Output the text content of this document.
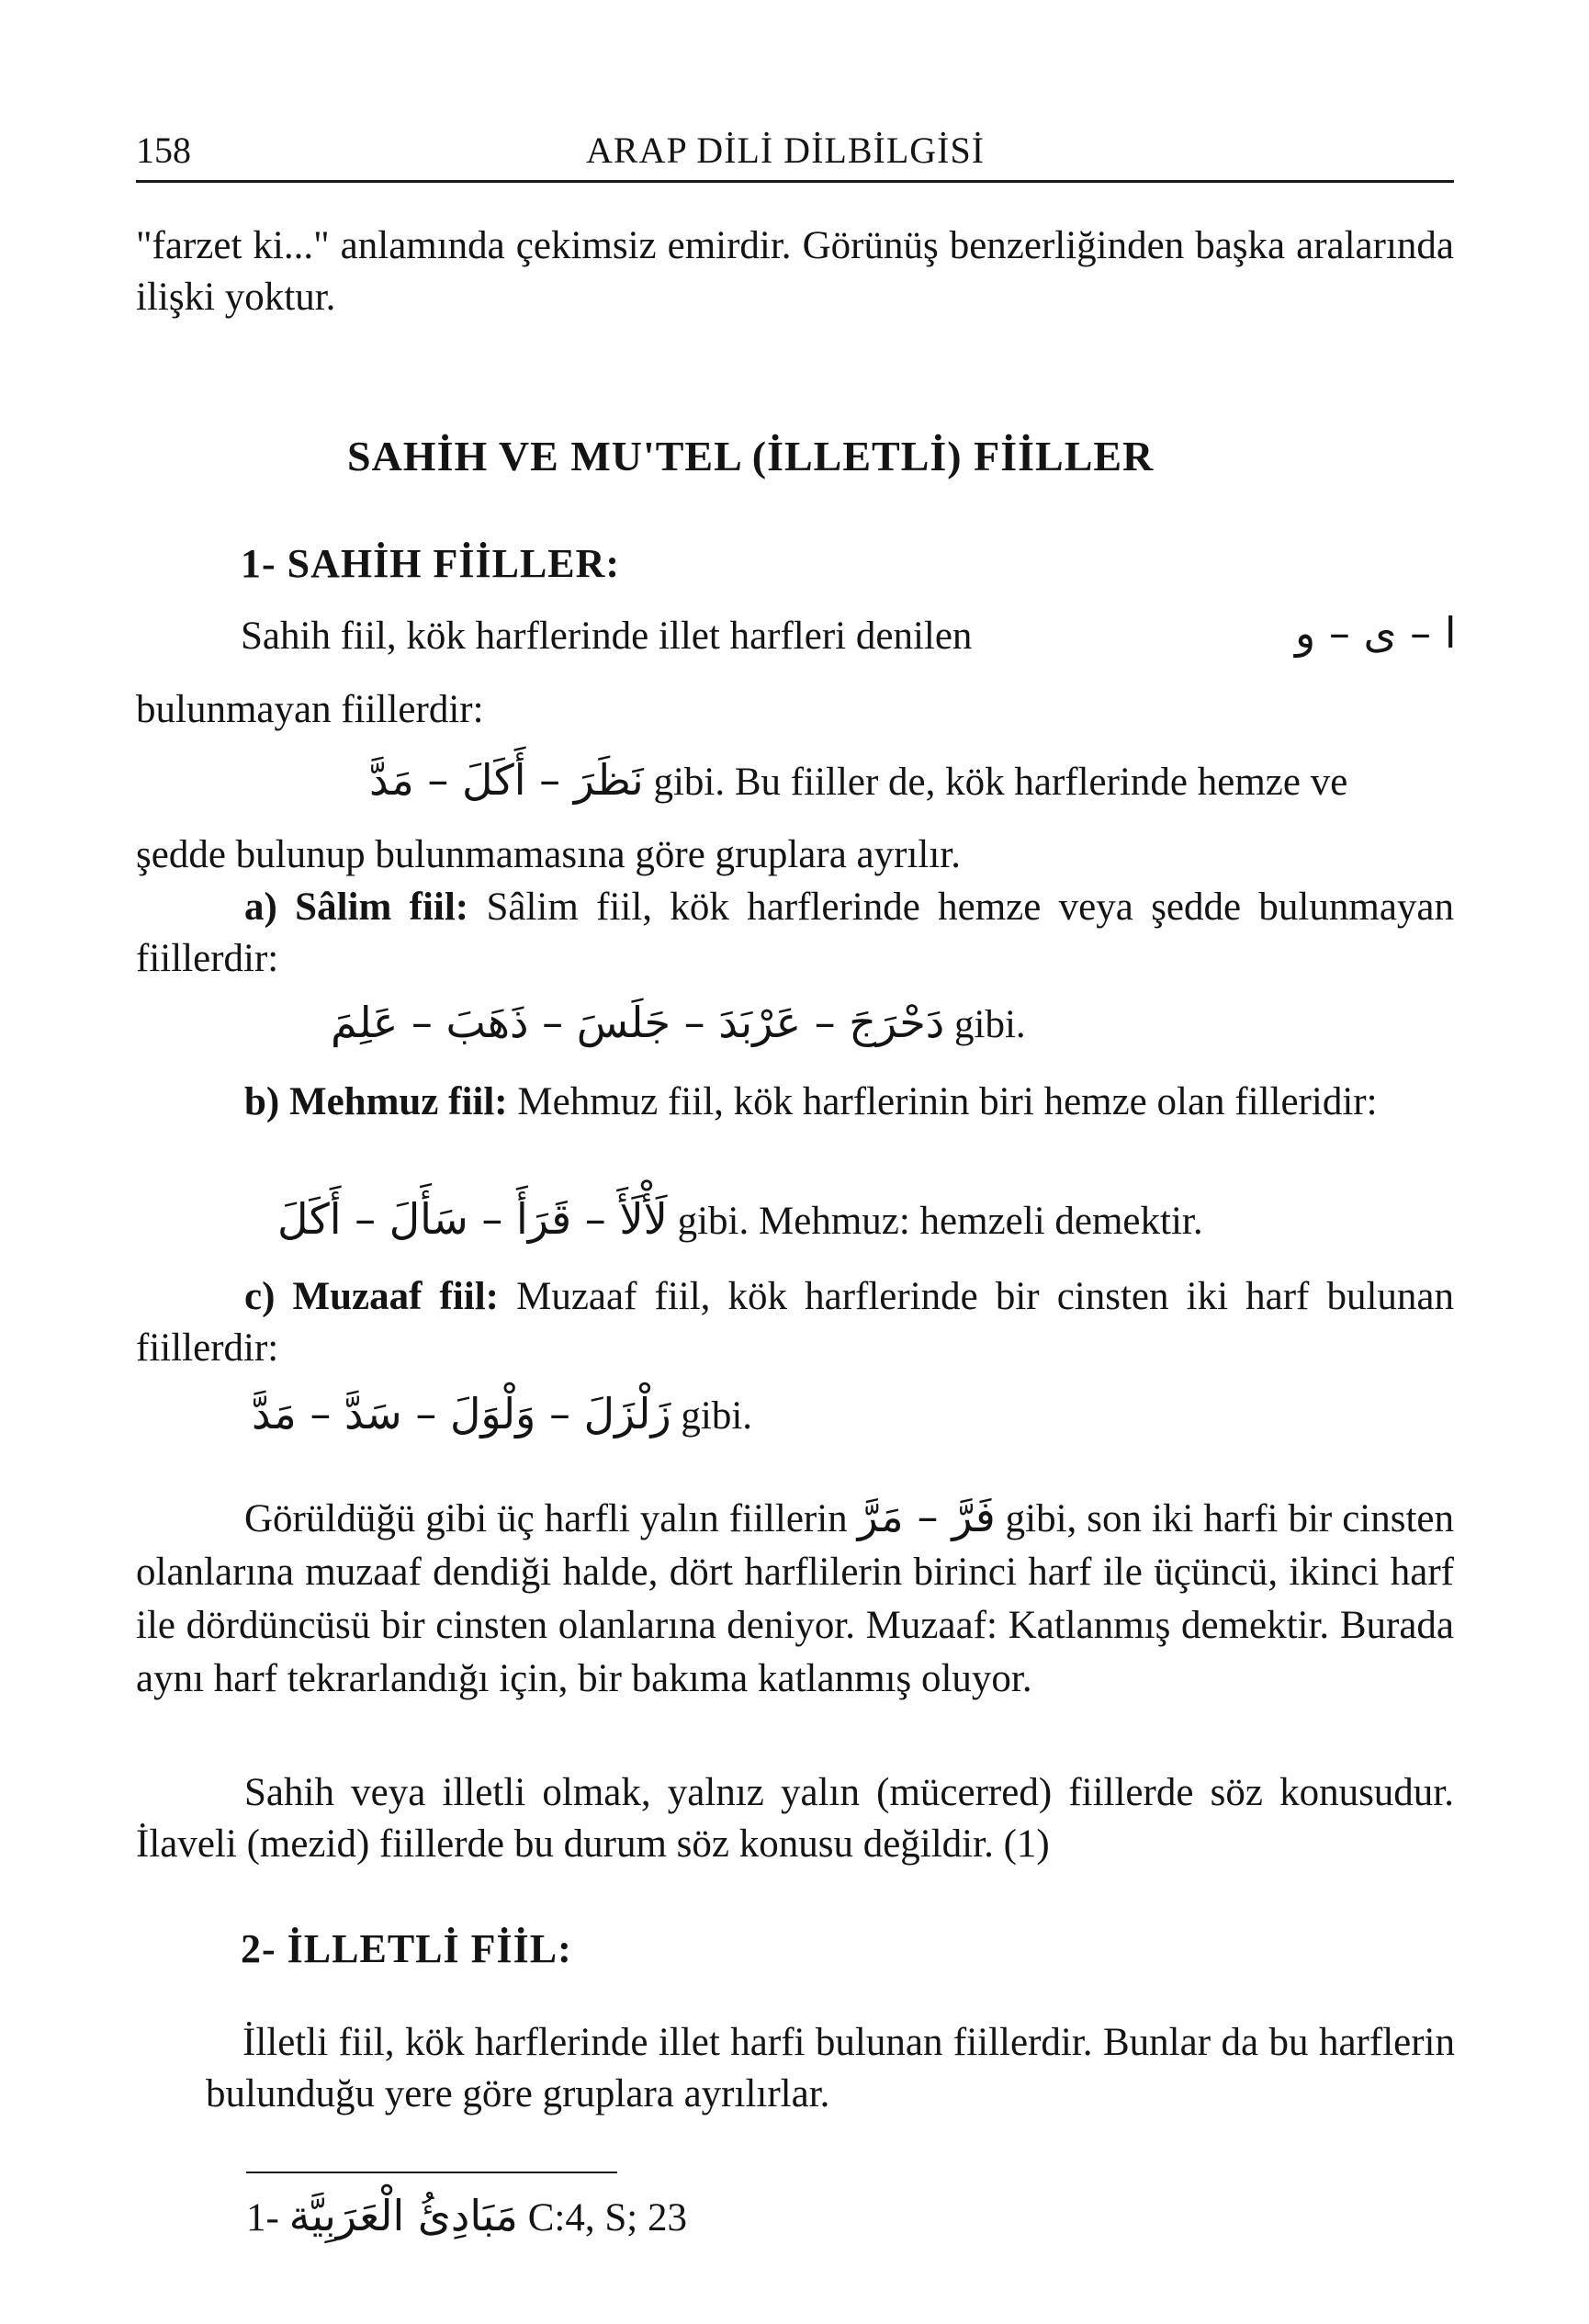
158	ARAP DİLİ DİLBİLGİSİ

"farzet ki..." anlamında çekimsiz emirdir. Görünüş benzerliğinden başka aralarında ilişki yoktur.

SAHİH VE MU'TEL (İLLETLİ) FİİLLER
1- SAHİH FİİLLER:
Sahih fiil, kök harflerinde illet harfleri denilen	ا – ى – و
bulunmayan fiillerdir:
نَظَرَ – أَكَلَ – مَدَّ gibi. Bu fiiller de, kök harflerinde hemze ve
şedde bulunup bulunmamasına göre gruplara ayrılır.

a) Sâlim fiil: Sâlim fiil, kök harflerinde hemze veya şedde bulunmayan fiillerdir:

دَحْرَجَ – عَرْبَدَ – جَلَسَ – ذَهَبَ – عَلِمَ gibi.

b) Mehmuz fiil: Mehmuz fiil, kök harflerinin biri hemze olan filleridir:

لَأْلَأَ – قَرَأَ – سَأَلَ – أَكَلَ gibi. Mehmuz: hemzeli demektir.

c) Muzaaf fiil: Muzaaf fiil, kök harflerinde bir cinsten iki harf bulunan fiillerdir:

زَلْزَلَ – وَلْوَلَ – سَدَّ – مَدَّ gibi.

Görüldüğü gibi üç harfli yalın fiillerin فَرَّ – مَرَّ gibi, son iki harfi bir cinsten olanlarına muzaaf dendiği halde, dört harflilerin birinci harf ile üçüncü, ikinci harf ile dördüncüsü bir cinsten olanlarına deniyor. Muzaaf: Katlanmış demektir. Burada aynı harf tekrarlandığı için, bir bakıma katlanmış oluyor.

Sahih veya illetli olmak, yalnız yalın (mücerred) fiillerde söz konusudur. İlaveli (mezid) fiillerde bu durum söz konusu değildir. (1)

2- İLLETLİ FİİL:

İlletli fiil, kök harflerinde illet harfi bulunan fiillerdir. Bunlar da bu harflerin bulunduğu yere göre gruplara ayrılırlar.

1- مَبَادِئُ الْعَرَبِيَّة C:4, S; 23
